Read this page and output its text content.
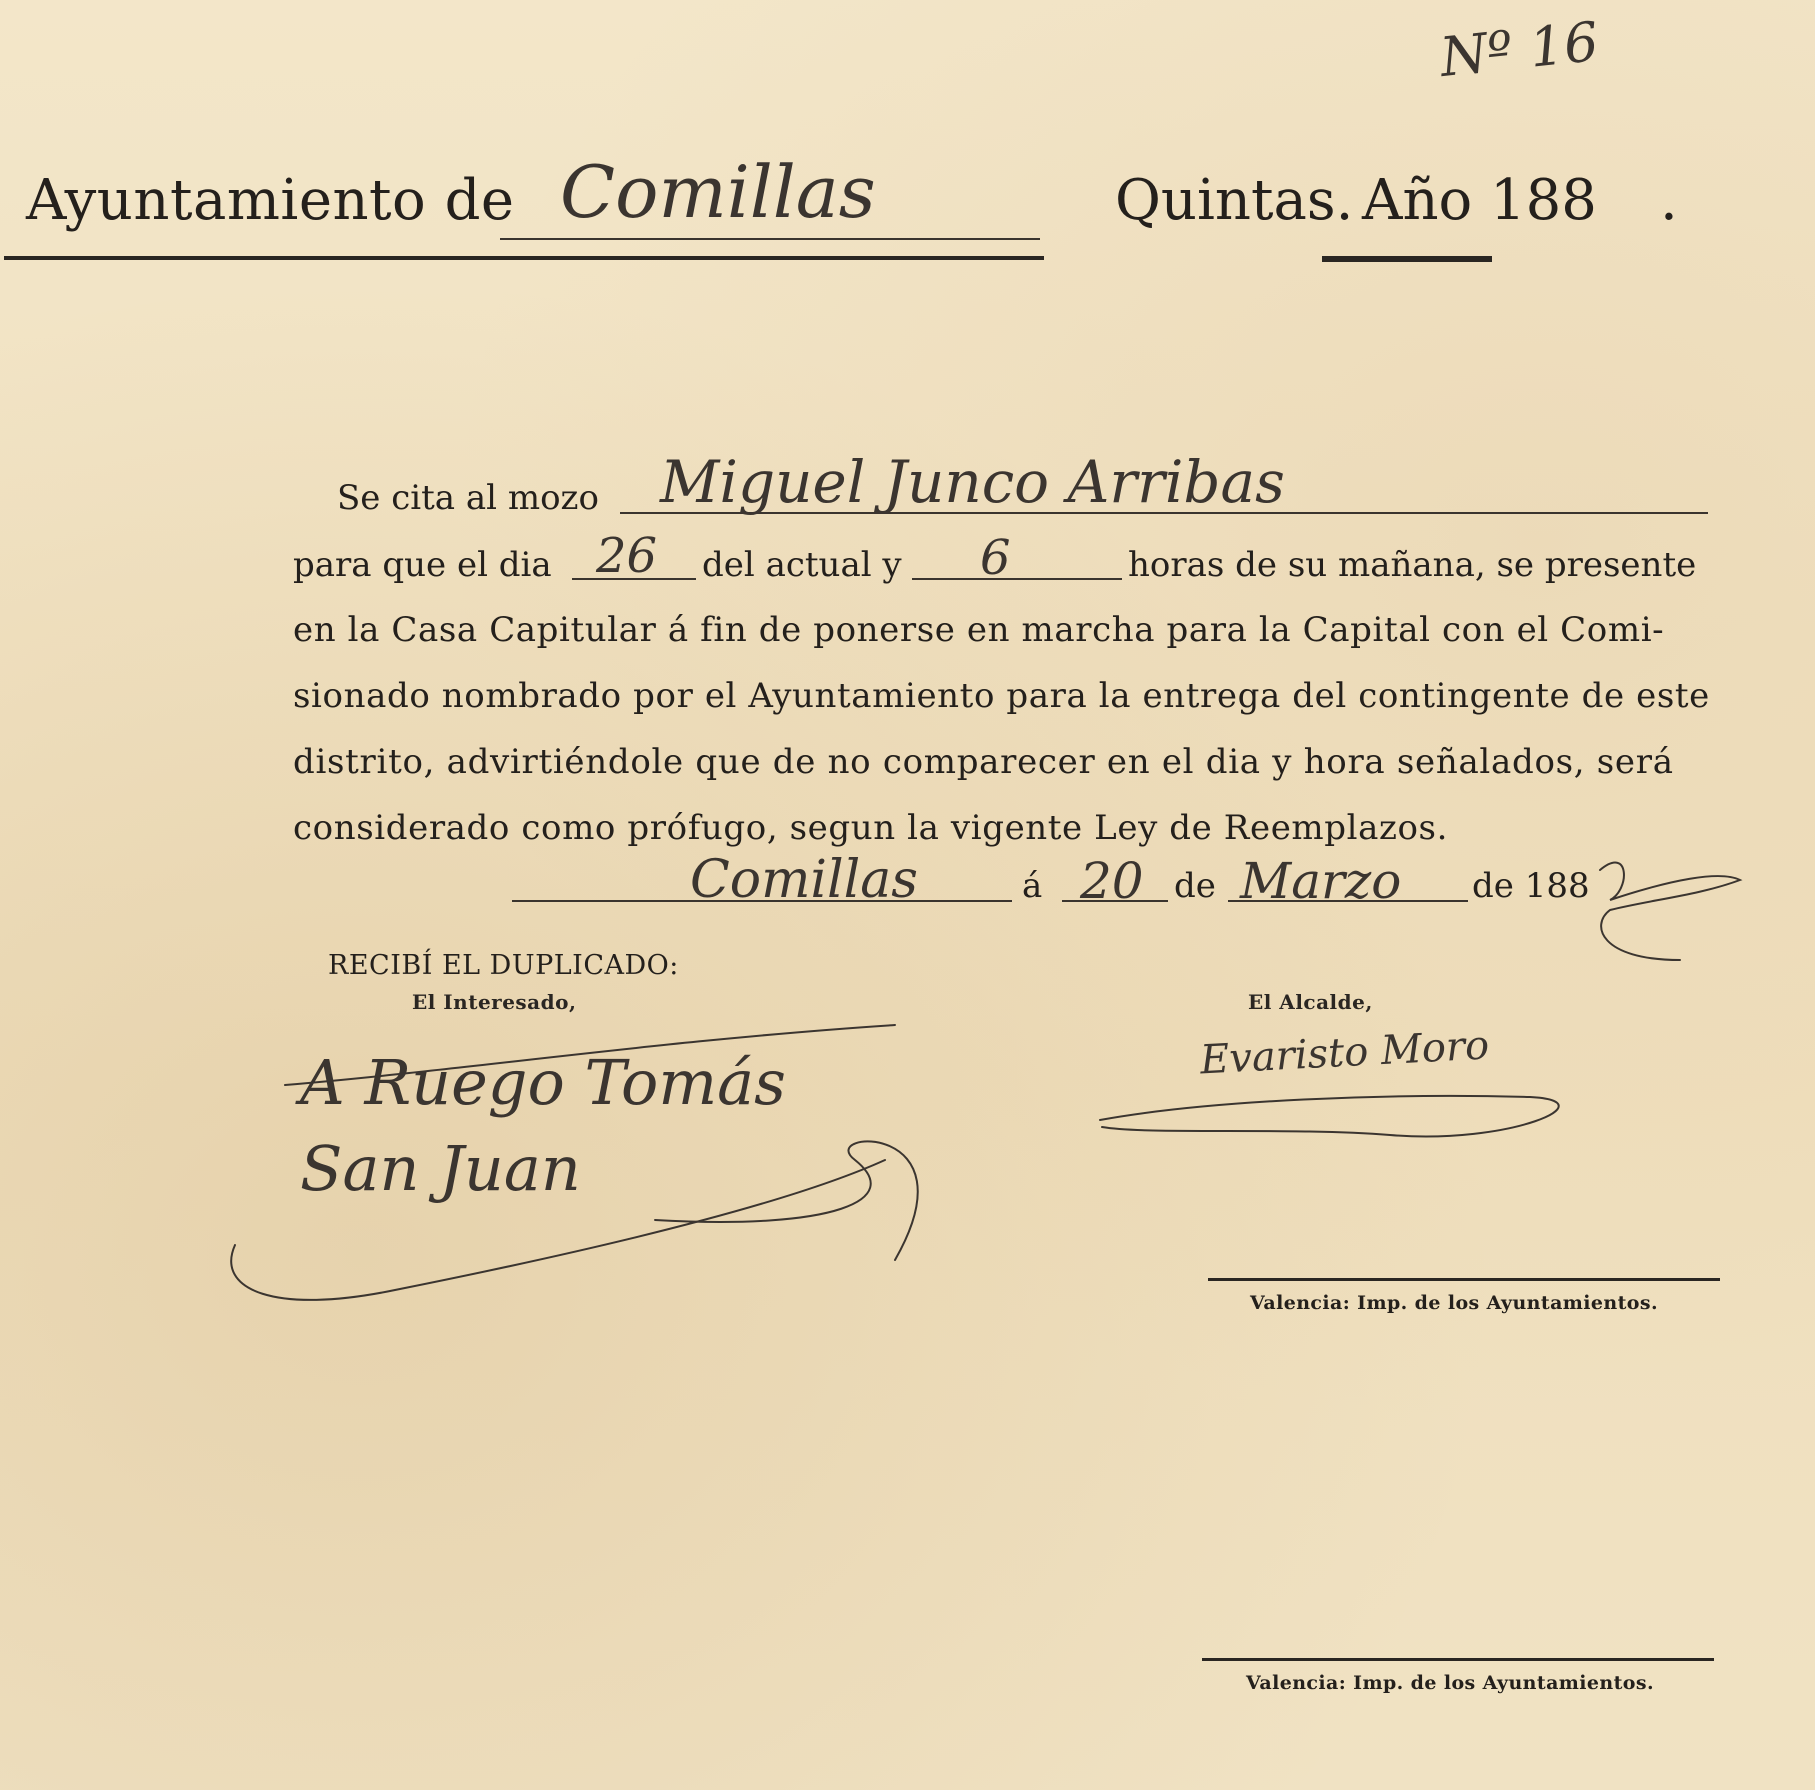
Nº 16
Ayuntamiento de Comillas	Quintas. Año 188 .
Se cita al mozo Miguel Junco Arribas
para que el dia 26 del actual y 6	horas de su mañana, se presente
en la Casa Capitular á fin de ponerse en marcha para la Capital con el Comi-
sionado nombrado por el Ayuntamiento para la entrega del contingente de este
distrito, advirtiéndole que de no comparecer en el dia y hora señalados, será
considerado como prófugo, segun la vigente Ley de Reemplazos.
Comillas	á 20 de Marzo de 188
RECIBÍ EL DUPLICADO:
El Interesado,
A Ruego Tomás San Juan
El Alcalde,
Evaristo Moro
Valencia: Imp. de los Ayuntamientos.
Valencia: Imp. de los Ayuntamientos.
